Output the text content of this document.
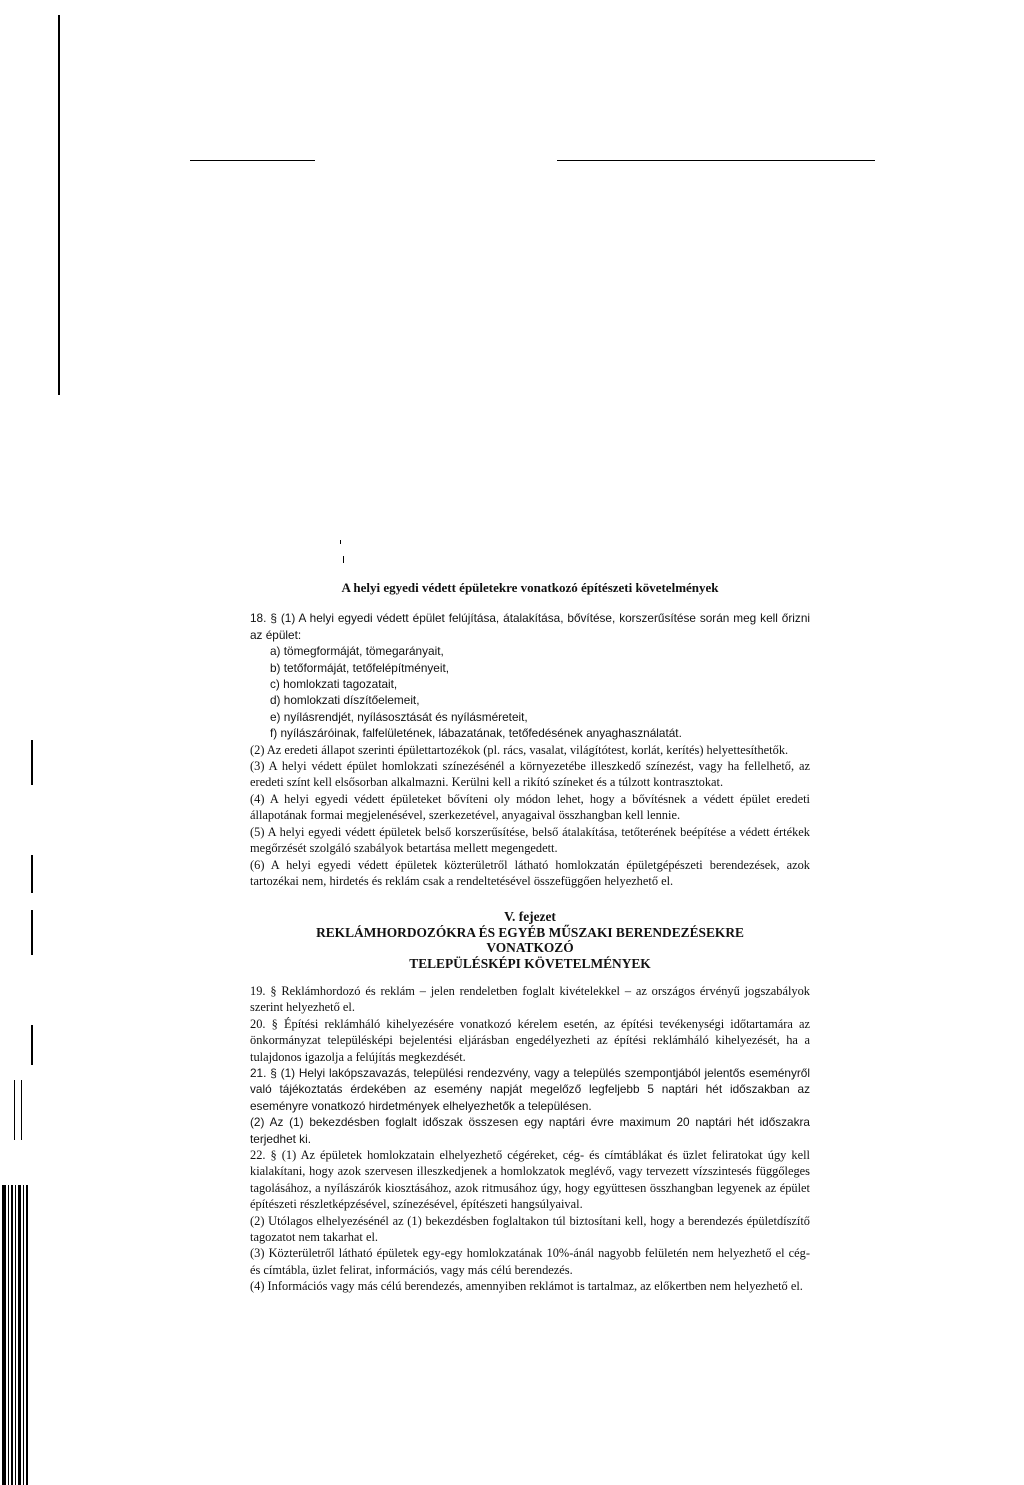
A helyi egyedi védett épületekre vonatkozó építészeti követelmények

18. § (1) A helyi egyedi védett épület felújítása, átalakítása, bővítése, korszerűsítése során meg kell őrizni az épület:

a) tömegformáját, tömegarányait,
b) tetőformáját, tetőfelépítményeit,
c) homlokzati tagozatait,
d) homlokzati díszítőelemeit,
e) nyílásrendjét, nyílásosztását és nyílásméreteit,
f) nyílászáróinak, falfelületének, lábazatának, tetőfedésének anyaghasználatát.

(2) Az eredeti állapot szerinti épülettartozékok (pl. rács, vasalat, világítótest, korlát, kerítés) helyettesíthetők.

(3) A helyi védett épület homlokzati színezésénél a környezetébe illeszkedő színezést, vagy ha fellelhető, az eredeti színt kell elsősorban alkalmazni. Kerülni kell a rikító színeket és a túlzott kontrasztokat.

(4) A helyi egyedi védett épületeket bővíteni oly módon lehet, hogy a bővítésnek a védett épület eredeti állapotának formai megjelenésével, szerkezetével, anyagaival összhangban kell lennie.

(5) A helyi egyedi védett épületek belső korszerűsítése, belső átalakítása, tetőterének beépítése a védett értékek megőrzését szolgáló szabályok betartása mellett megengedett.

(6) A helyi egyedi védett épületek közterületről látható homlokzatán épületgépészeti berendezések, azok tartozékai nem, hirdetés és reklám csak a rendeltetésével összefüggően helyezhető el.

V. fejezet
REKLÁMHORDOZÓKRA ÉS EGYÉB MŰSZAKI BERENDEZÉSEKRE
VONATKOZÓ
TELEPÜLÉSKÉPI KÖVETELMÉNYEK

19. § Reklámhordozó és reklám – jelen rendeletben foglalt kivételekkel – az országos érvényű jogszabályok szerint helyezhető el.

20. § Építési reklámháló kihelyezésére vonatkozó kérelem esetén, az építési tevékenységi időtartamára az önkormányzat településképi bejelentési eljárásban engedélyezheti az építési reklámháló kihelyezését, ha a tulajdonos igazolja a felújítás megkezdését.

21. § (1) Helyi lakópszavazás, települési rendezvény, vagy a település szempontjából jelentős eseményről való tájékoztatás érdekében az esemény napját megelőző legfeljebb 5 naptári hét időszakban az eseményre vonatkozó hirdetmények elhelyezhetők a településen.

(2) Az (1) bekezdésben foglalt időszak összesen egy naptári évre maximum 20 naptári hét időszakra terjedhet ki.

22. § (1) Az épületek homlokzatain elhelyezhető cégéreket, cég- és címtáblákat és üzlet feliratokat úgy kell kialakítani, hogy azok szervesen illeszkedjenek a homlokzatok meglévő, vagy tervezett vízszintesés függőleges tagolásához, a nyílászárók kiosztásához, azok ritmusához úgy, hogy együttesen összhangban legyenek az épület építészeti részletképzésével, színezésével, építészeti hangsúlyaival.

(2) Utólagos elhelyezésénél az (1) bekezdésben foglaltakon túl biztosítani kell, hogy a berendezés épületdíszítő tagozatot nem takarhat el.

(3) Közterületről látható épületek egy-egy homlokzatának 10%-ánál nagyobb felületén nem helyezhető el cég- és címtábla, üzlet felirat, információs, vagy más célú berendezés.

(4) Információs vagy más célú berendezés, amennyiben reklámot is tartalmaz, az előkertben nem helyezhető el.
